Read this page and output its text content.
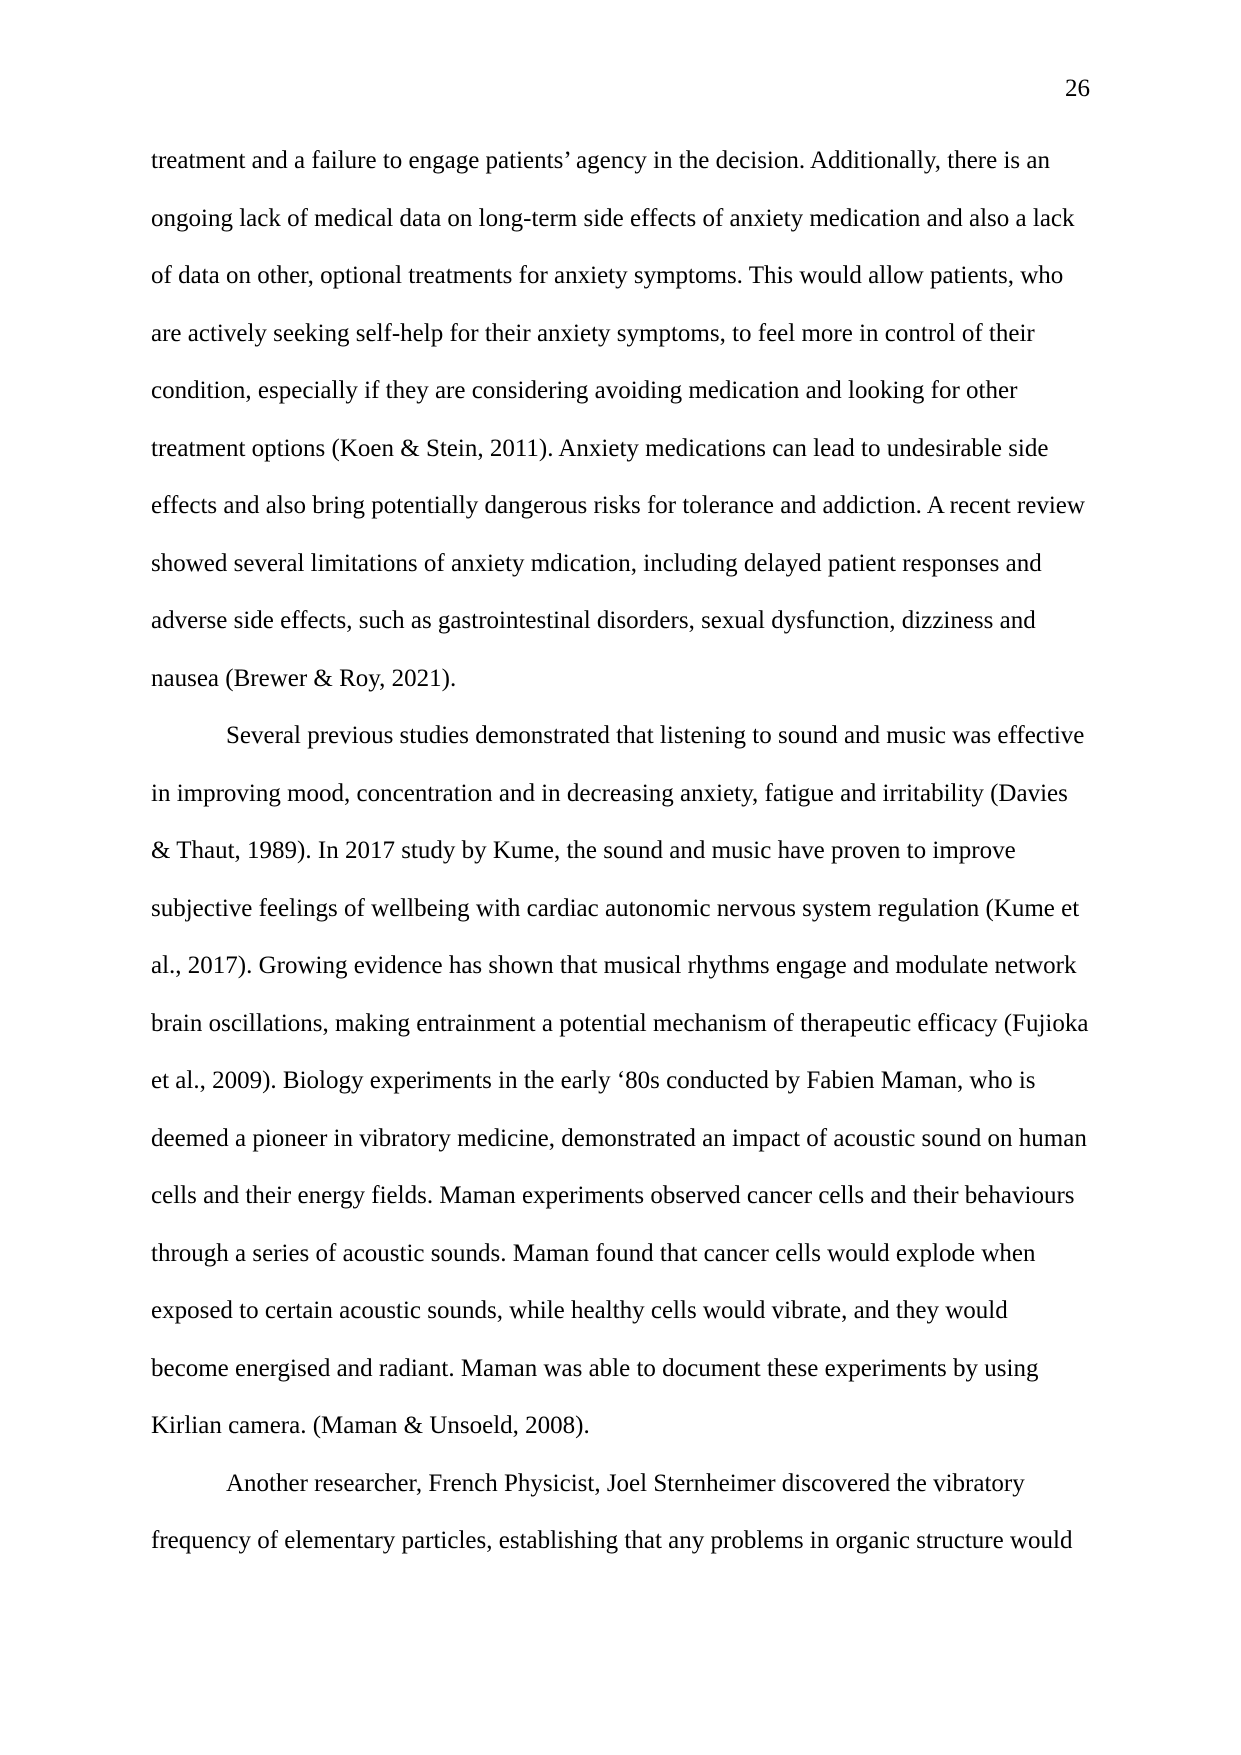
26
treatment and a failure to engage patients’ agency in the decision. Additionally, there is an
ongoing lack of medical data on long-term side effects of anxiety medication and also a lack
of data on other, optional treatments for anxiety symptoms. This would allow patients, who
are actively seeking self-help for their anxiety symptoms, to feel more in control of their
condition, especially if they are considering avoiding medication and looking for other
treatment options (Koen & Stein, 2011). Anxiety medications can lead to undesirable side
effects and also bring potentially dangerous risks for tolerance and addiction. A recent review
showed several limitations of anxiety mdication, including delayed patient responses and
adverse side effects, such as gastrointestinal disorders, sexual dysfunction, dizziness and
nausea (Brewer & Roy, 2021).
Several previous studies demonstrated that listening to sound and music was effective
in improving mood, concentration and in decreasing anxiety, fatigue and irritability (Davies
& Thaut, 1989). In 2017 study by Kume, the sound and music have proven to improve
subjective feelings of wellbeing with cardiac autonomic nervous system regulation (Kume et
al., 2017). Growing evidence has shown that musical rhythms engage and modulate network
brain oscillations, making entrainment a potential mechanism of therapeutic efficacy (Fujioka
et al., 2009). Biology experiments in the early ‘80s conducted by Fabien Maman, who is
deemed a pioneer in vibratory medicine, demonstrated an impact of acoustic sound on human
cells and their energy fields. Maman experiments observed cancer cells and their behaviours
through a series of acoustic sounds. Maman found that cancer cells would explode when
exposed to certain acoustic sounds, while healthy cells would vibrate, and they would
become energised and radiant. Maman was able to document these experiments by using
Kirlian camera. (Maman & Unsoeld, 2008).
Another researcher, French Physicist, Joel Sternheimer discovered the vibratory
frequency of elementary particles, establishing that any problems in organic structure would
